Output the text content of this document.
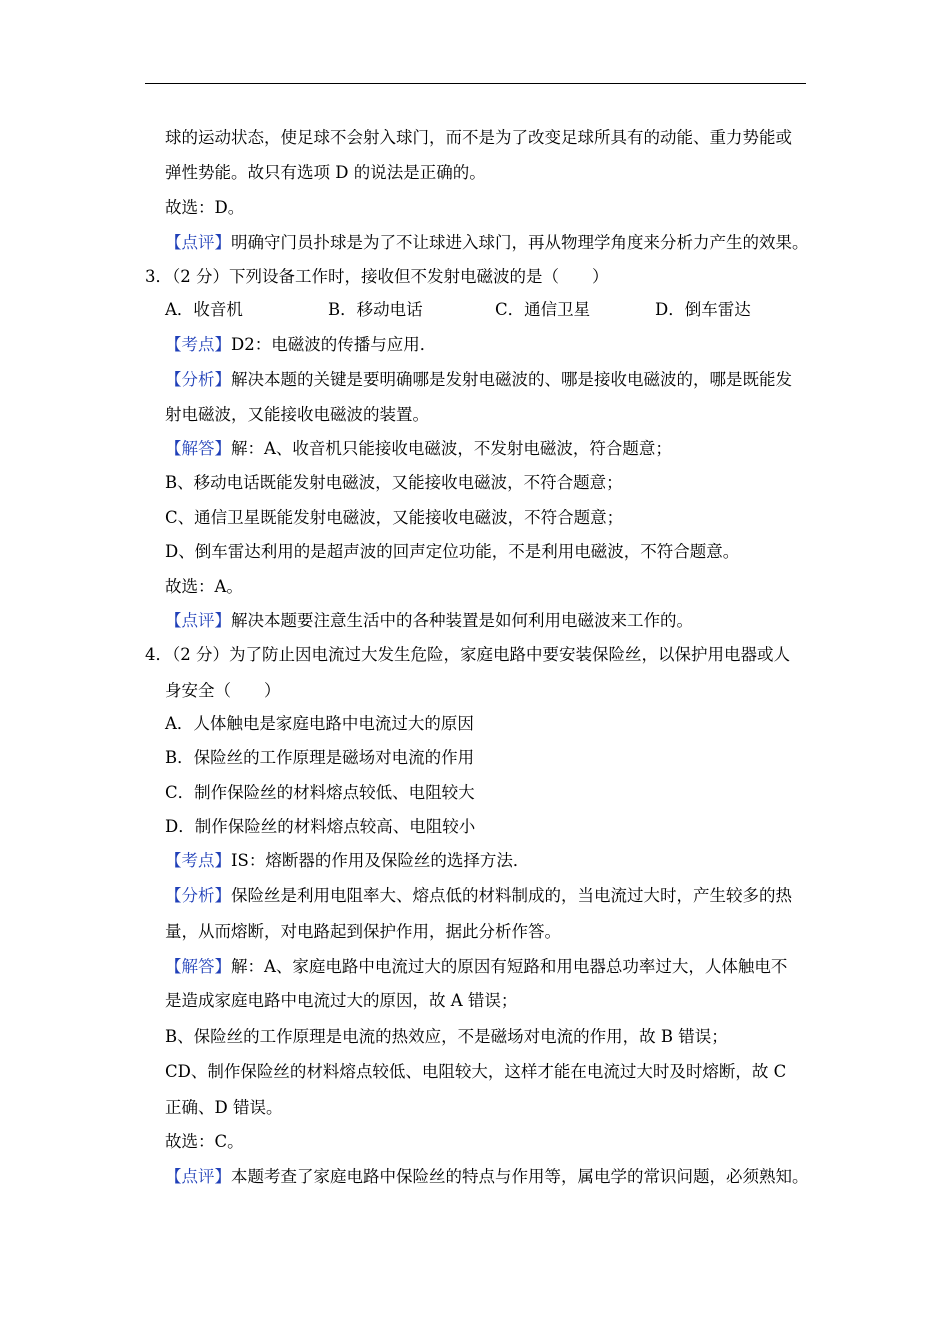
球的运动状态，使足球不会射入球门，而不是为了改变足球所具有的动能、重力势能或
弹性势能。故只有选项 D 的说法是正确的。
故选：D。
【点评】明确守门员扑球是为了不让球进入球门，再从物理学角度来分析力产生的效果。
3．（2 分）下列设备工作时，接收但不发射电磁波的是（　　）
A．收音机	B．移动电话	C．通信卫星	D．倒车雷达
【考点】D2：电磁波的传播与应用．
【分析】解决本题的关键是要明确哪是发射电磁波的、哪是接收电磁波的，哪是既能发
射电磁波，又能接收电磁波的装置。
【解答】解：A、收音机只能接收电磁波，不发射电磁波，符合题意；
B、移动电话既能发射电磁波，又能接收电磁波，不符合题意；
C、通信卫星既能发射电磁波，又能接收电磁波，不符合题意；
D、倒车雷达利用的是超声波的回声定位功能，不是利用电磁波，不符合题意。
故选：A。
【点评】解决本题要注意生活中的各种装置是如何利用电磁波来工作的。
4．（2 分）为了防止因电流过大发生危险，家庭电路中要安装保险丝，以保护用电器或人
身安全（　　）
A．人体触电是家庭电路中电流过大的原因
B．保险丝的工作原理是磁场对电流的作用
C．制作保险丝的材料熔点较低、电阻较大
D．制作保险丝的材料熔点较高、电阻较小
【考点】IS：熔断器的作用及保险丝的选择方法．
【分析】保险丝是利用电阻率大、熔点低的材料制成的，当电流过大时，产生较多的热
量，从而熔断，对电路起到保护作用，据此分析作答。
【解答】解：A、家庭电路中电流过大的原因有短路和用电器总功率过大，人体触电不
是造成家庭电路中电流过大的原因，故 A 错误；
B、保险丝的工作原理是电流的热效应，不是磁场对电流的作用，故 B 错误；
CD、制作保险丝的材料熔点较低、电阻较大，这样才能在电流过大时及时熔断，故 C
正确、D 错误。
故选：C。
【点评】本题考查了家庭电路中保险丝的特点与作用等，属电学的常识问题，必须熟知。
